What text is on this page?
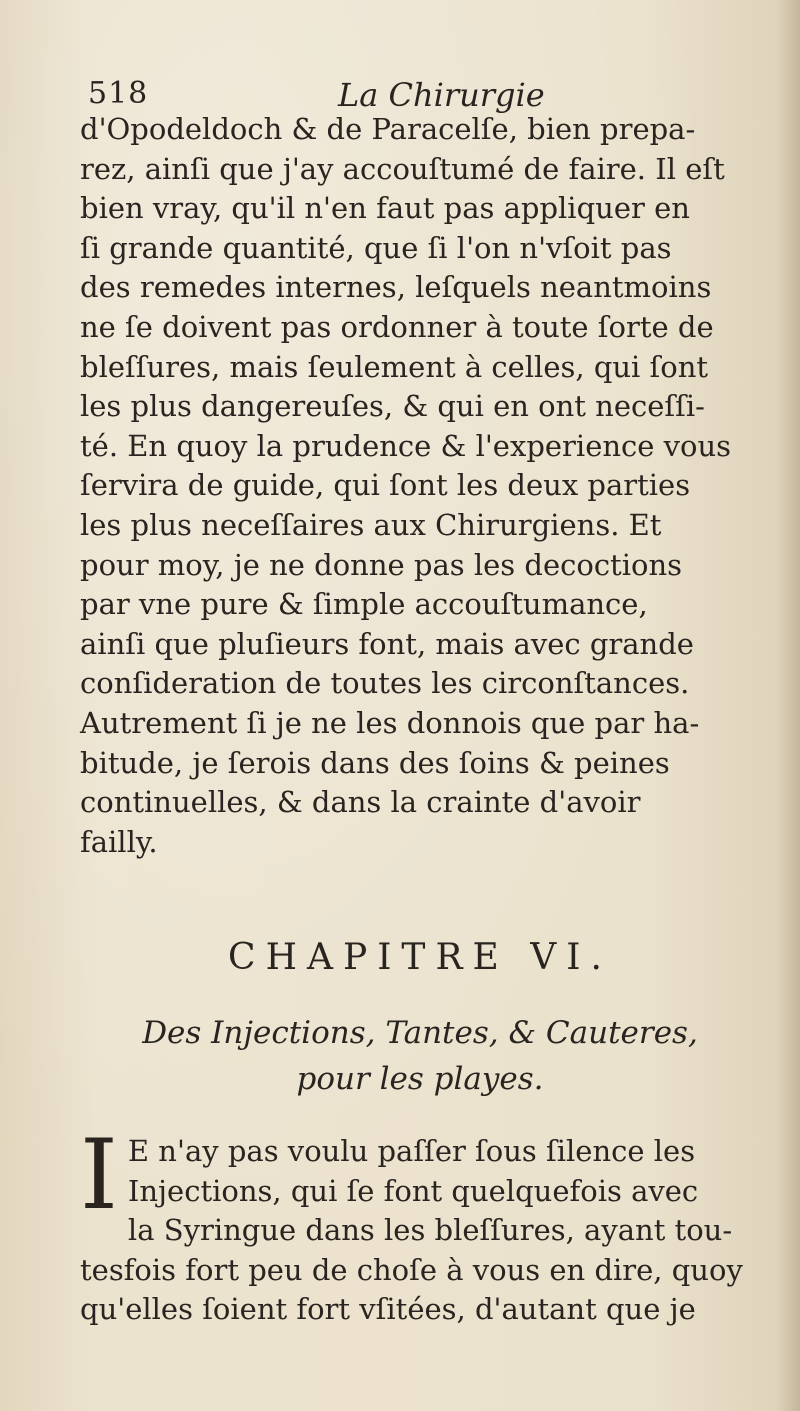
518	La Chirurgie
d'Opodeldoch & de Paracelſe, bien prepa-
rez, ainſi que j'ay accouſtumé de faire. Il eſt
bien vray, qu'il n'en faut pas appliquer en
ſi grande quantité, que ſi l'on n'vſoit pas
des remedes internes, leſquels neantmoins
ne ſe doivent pas ordonner à toute ſorte de
bleſſures, mais ſeulement à celles, qui ſont
les plus dangereuſes, & qui en ont neceſſi-
té. En quoy la prudence & l'experience vous
ſervira de guide, qui ſont les deux parties
les plus neceſſaires aux Chirurgiens. Et
pour moy, je ne donne pas les decoctions
par vne pure & ſimple accouſtumance,
ainſi que pluſieurs font, mais avec grande
conſideration de toutes les circonſtances.
Autrement ſi je ne les donnois que par ha-
bitude, je ſerois dans des ſoins & peines
continuelles, & dans la crainte d'avoir
failly.
CHAPITRE VI.
Des Injections, Tantes, & Cauteres,
pour les playes.
I E n'ay pas voulu paſſer ſous ſilence les
Injections, qui ſe font quelquefois avec
la Syringue dans les bleſſures, ayant tou-
tesfois fort peu de choſe à vous en dire, quoy
qu'elles ſoient fort vſitées, d'autant que je
